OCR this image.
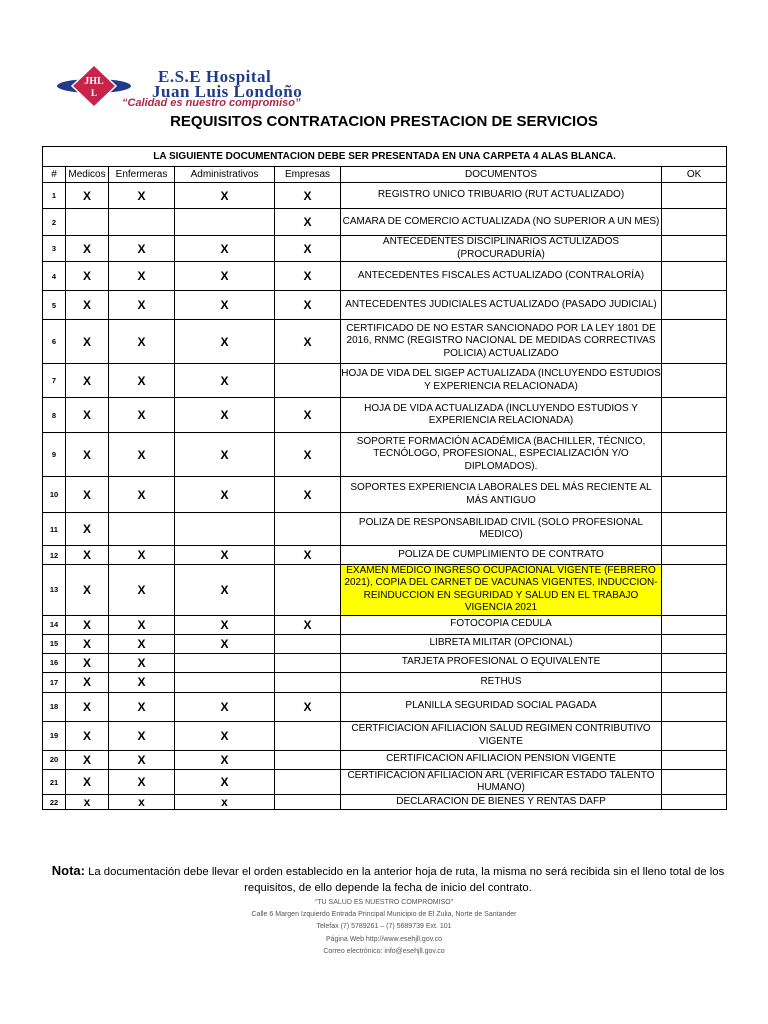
JHL
L
E.S.E Hospital
Juan Luis Londoño
“Calidad es nuestro compromiso”
REQUISITOS CONTRATACION PRESTACION DE SERVICIOS
LA SIGUIENTE DOCUMENTACION DEBE SER PRESENTADA EN UNA CARPETA 4 ALAS BLANCA.						
#	Medicos	Enfermeras	Administrativos	Empresas	DOCUMENTOS	OK
1	X	X	X	X	REGISTRO UNICO TRIBUARIO (RUT ACTUALIZADO)	
2				X	CAMARA DE COMERCIO ACTUALIZADA (NO SUPERIOR A UN MES)	
3	X	X	X	X	ANTECEDENTES DISCIPLINARIOS ACTULIZADOS (PROCURADURÍA)	
4	X	X	X	X	ANTECEDENTES FISCALES ACTUALIZADO (CONTRALORÍA)	
5	X	X	X	X	ANTECEDENTES JUDICIALES ACTUALIZADO (PASADO JUDICIAL)	
6	X	X	X	X	CERTIFICADO DE NO ESTAR SANCIONADO POR LA LEY 1801 DE 2016, RNMC (REGISTRO NACIONAL DE MEDIDAS CORRECTIVAS POLICIA) ACTUALIZADO	
7	X	X	X		HOJA DE VIDA DEL SIGEP ACTUALIZADA (INCLUYENDO ESTUDIOS Y EXPERIENCIA RELACIONADA)	
8	X	X	X	X	HOJA DE VIDA ACTUALIZADA (INCLUYENDO ESTUDIOS Y EXPERIENCIA RELACIONADA)	
9	X	X	X	X	SOPORTE FORMACIÓN ACADÉMICA (BACHILLER, TÉCNICO, TECNÓLOGO, PROFESIONAL, ESPECIALIZACIÓN Y/O DIPLOMADOS).	
10	X	X	X	X	SOPORTES EXPERIENCIA LABORALES DEL MÁS RECIENTE AL MÁS ANTIGUO	
11	X				POLIZA DE RESPONSABILIDAD CIVIL (SOLO PROFESIONAL MEDICO)	
12	X	X	X	X	POLIZA DE CUMPLIMIENTO DE CONTRATO	
13	X	X	X		EXAMEN MEDICO INGRESO OCUPACIONAL VIGENTE (FEBRERO 2021), COPIA DEL CARNET DE VACUNAS VIGENTES, INDUCCION-REINDUCCION EN SEGURIDAD Y SALUD EN EL TRABAJO VIGENCIA 2021	
14	X	X	X	X	FOTOCOPIA CEDULA	
15	X	X	X		LIBRETA MILITAR (OPCIONAL)	
16	X	X			TARJETA PROFESIONAL O EQUIVALENTE	
17	X	X			RETHUS	
18	X	X	X	X	PLANILLA SEGURIDAD SOCIAL PAGADA	
19	X	X	X		CERTFICIACION AFILIACION SALUD REGIMEN CONTRIBUTIVO VIGENTE	
20	X	X	X		CERTIFICACION AFILIACION PENSION VIGENTE	
21	X	X	X		CERTIFICACION AFILIACION ARL (VERIFICAR ESTADO TALENTO HUMANO)	
22	x	x	x		DECLARACION DE BIENES Y RENTAS DAFP	
Nota: La documentación debe llevar el orden establecido en la anterior hoja de ruta, la misma no será recibida sin el lleno total de los requisitos, de ello depende la fecha de inicio del contrato.
“TU SALUD ES NUESTRO COMPROMISO”
Calle 6 Margen Izquierdo Entrada Principal Municipio de El Zulia, Norte de Santander
Telefax (7) 5789261 – (7) 5689739 Ext. 101
Página Web http://www.esehjll.gov.co
Correo electrónico: info@esehjll.gov.co
